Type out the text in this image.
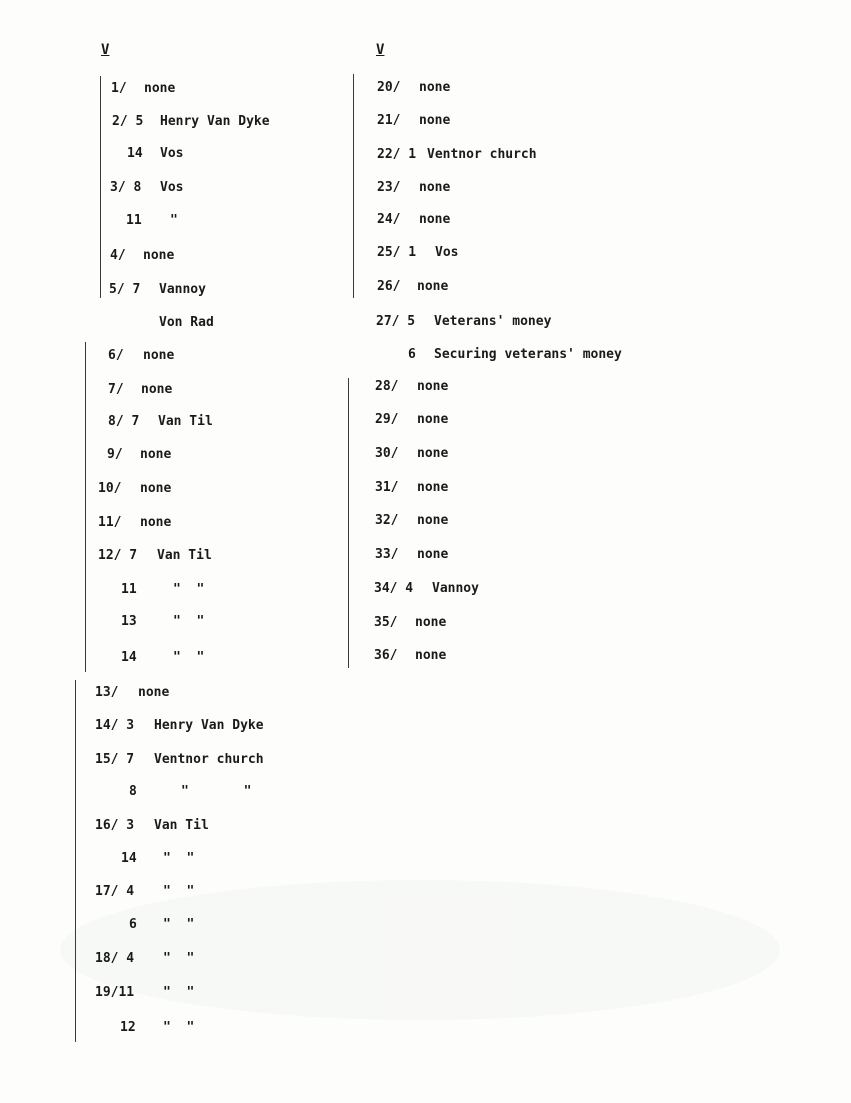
V	V
1/ none
2/ 5 Henry Van Dyke
14 Vos
3/ 8 Vos
11 "
4/ none
5/ 7 Vannoy
Von Rad
6/ none
7/ none
8/ 7 Van Til
9/ none
10/ none
11/ none
12/ 7 Van Til
11	"  "
13	"  "
14	"  "
13/ none
14/ 3 Henry Van Dyke
15/ 7 Ventnor church
8	"       "
16/ 3 Van Til
14 "  "
17/ 4 "  "
6 "  "
18/ 4 "  "
19/11 "  "
12 "  "
20/ none
21/ none
22/ 1 Ventnor church
23/ none
24/ none
25/ 1 Vos
26/ none
27/ 5 Veterans' money
6 Securing veterans' money
28/ none
29/ none
30/ none
31/ none
32/ none
33/ none
34/ 4 Vannoy
35/ none
36/ none
